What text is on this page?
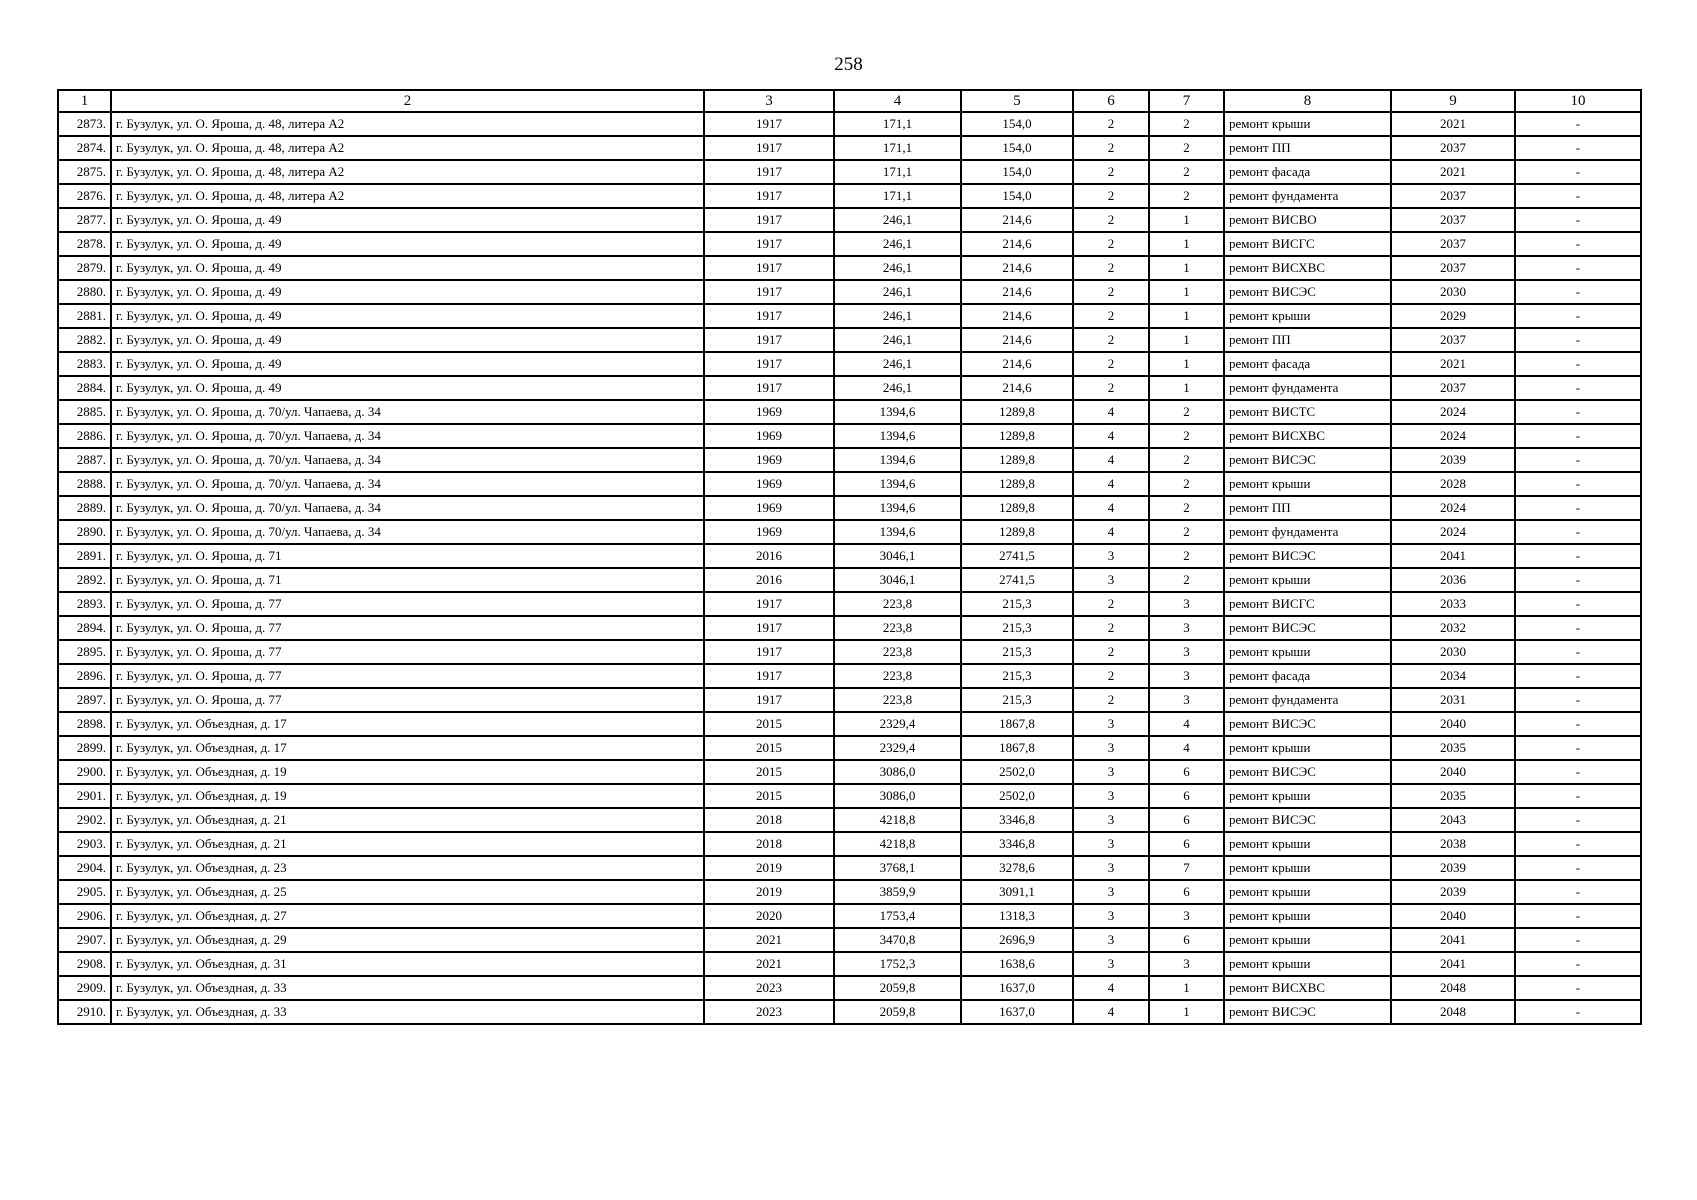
258
1	2	3	4	5	6	7	8	9	10
2873.	г. Бузулук, ул. О. Яроша, д. 48, литера А2	1917	171,1	154,0	2	2	ремонт крыши	2021	-
2874.	г. Бузулук, ул. О. Яроша, д. 48, литера А2	1917	171,1	154,0	2	2	ремонт ПП	2037	-
2875.	г. Бузулук, ул. О. Яроша, д. 48, литера А2	1917	171,1	154,0	2	2	ремонт фасада	2021	-
2876.	г. Бузулук, ул. О. Яроша, д. 48, литера А2	1917	171,1	154,0	2	2	ремонт фундамента	2037	-
2877.	г. Бузулук, ул. О. Яроша, д. 49	1917	246,1	214,6	2	1	ремонт ВИСВО	2037	-
2878.	г. Бузулук, ул. О. Яроша, д. 49	1917	246,1	214,6	2	1	ремонт ВИСГС	2037	-
2879.	г. Бузулук, ул. О. Яроша, д. 49	1917	246,1	214,6	2	1	ремонт ВИСХВС	2037	-
2880.	г. Бузулук, ул. О. Яроша, д. 49	1917	246,1	214,6	2	1	ремонт ВИСЭС	2030	-
2881.	г. Бузулук, ул. О. Яроша, д. 49	1917	246,1	214,6	2	1	ремонт крыши	2029	-
2882.	г. Бузулук, ул. О. Яроша, д. 49	1917	246,1	214,6	2	1	ремонт ПП	2037	-
2883.	г. Бузулук, ул. О. Яроша, д. 49	1917	246,1	214,6	2	1	ремонт фасада	2021	-
2884.	г. Бузулук, ул. О. Яроша, д. 49	1917	246,1	214,6	2	1	ремонт фундамента	2037	-
2885.	г. Бузулук, ул. О. Яроша, д. 70/ул. Чапаева, д. 34	1969	1394,6	1289,8	4	2	ремонт ВИСТС	2024	-
2886.	г. Бузулук, ул. О. Яроша, д. 70/ул. Чапаева, д. 34	1969	1394,6	1289,8	4	2	ремонт ВИСХВС	2024	-
2887.	г. Бузулук, ул. О. Яроша, д. 70/ул. Чапаева, д. 34	1969	1394,6	1289,8	4	2	ремонт ВИСЭС	2039	-
2888.	г. Бузулук, ул. О. Яроша, д. 70/ул. Чапаева, д. 34	1969	1394,6	1289,8	4	2	ремонт крыши	2028	-
2889.	г. Бузулук, ул. О. Яроша, д. 70/ул. Чапаева, д. 34	1969	1394,6	1289,8	4	2	ремонт ПП	2024	-
2890.	г. Бузулук, ул. О. Яроша, д. 70/ул. Чапаева, д. 34	1969	1394,6	1289,8	4	2	ремонт фундамента	2024	-
2891.	г. Бузулук, ул. О. Яроша, д. 71	2016	3046,1	2741,5	3	2	ремонт ВИСЭС	2041	-
2892.	г. Бузулук, ул. О. Яроша, д. 71	2016	3046,1	2741,5	3	2	ремонт крыши	2036	-
2893.	г. Бузулук, ул. О. Яроша, д. 77	1917	223,8	215,3	2	3	ремонт ВИСГС	2033	-
2894.	г. Бузулук, ул. О. Яроша, д. 77	1917	223,8	215,3	2	3	ремонт ВИСЭС	2032	-
2895.	г. Бузулук, ул. О. Яроша, д. 77	1917	223,8	215,3	2	3	ремонт крыши	2030	-
2896.	г. Бузулук, ул. О. Яроша, д. 77	1917	223,8	215,3	2	3	ремонт фасада	2034	-
2897.	г. Бузулук, ул. О. Яроша, д. 77	1917	223,8	215,3	2	3	ремонт фундамента	2031	-
2898.	г. Бузулук, ул. Объездная, д. 17	2015	2329,4	1867,8	3	4	ремонт ВИСЭС	2040	-
2899.	г. Бузулук, ул. Объездная, д. 17	2015	2329,4	1867,8	3	4	ремонт крыши	2035	-
2900.	г. Бузулук, ул. Объездная, д. 19	2015	3086,0	2502,0	3	6	ремонт ВИСЭС	2040	-
2901.	г. Бузулук, ул. Объездная, д. 19	2015	3086,0	2502,0	3	6	ремонт крыши	2035	-
2902.	г. Бузулук, ул. Объездная, д. 21	2018	4218,8	3346,8	3	6	ремонт ВИСЭС	2043	-
2903.	г. Бузулук, ул. Объездная, д. 21	2018	4218,8	3346,8	3	6	ремонт крыши	2038	-
2904.	г. Бузулук, ул. Объездная, д. 23	2019	3768,1	3278,6	3	7	ремонт крыши	2039	-
2905.	г. Бузулук, ул. Объездная, д. 25	2019	3859,9	3091,1	3	6	ремонт крыши	2039	-
2906.	г. Бузулук, ул. Объездная, д. 27	2020	1753,4	1318,3	3	3	ремонт крыши	2040	-
2907.	г. Бузулук, ул. Объездная, д. 29	2021	3470,8	2696,9	3	6	ремонт крыши	2041	-
2908.	г. Бузулук, ул. Объездная, д. 31	2021	1752,3	1638,6	3	3	ремонт крыши	2041	-
2909.	г. Бузулук, ул. Объездная, д. 33	2023	2059,8	1637,0	4	1	ремонт ВИСХВС	2048	-
2910.	г. Бузулук, ул. Объездная, д. 33	2023	2059,8	1637,0	4	1	ремонт ВИСЭС	2048	-
